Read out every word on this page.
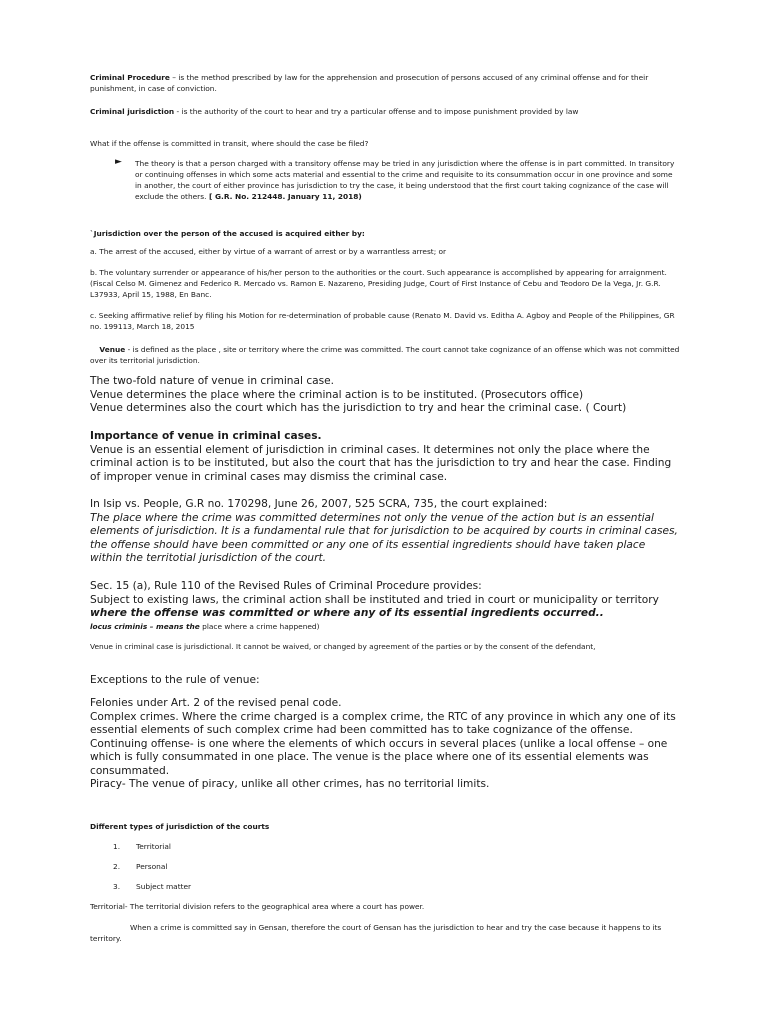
Criminal Procedure – is the method prescribed by law for the apprehension and prosecution of persons accused of any criminal offense and for their punishment, in case of conviction.

Criminal jurisdiction - is the authority of the court to hear and try a particular offense and to impose punishment provided by law

What if the offense is committed in transit, where should the case be filed?

► The theory is that a person charged with a transitory offense may be tried in any jurisdiction where the offense is in part committed. In transitory or continuing offenses in which some acts material and essential to the crime and requisite to its consummation occur in one province and some in another, the court of either province has jurisdiction to try the case, it being understood that the first court taking cognizance of the case will exclude the others. [ G.R. No. 212448. January 11, 2018)

`Jurisdiction over the person of the accused is acquired either by:

a. The arrest of the accused, either by virtue of a warrant of arrest or by a warrantless arrest; or

b. The voluntary surrender or appearance of his/her person to the authorities or the court. Such appearance is accomplished by appearing for arraignment. (Fiscal Celso M. Gimenez and Federico R. Mercado vs. Ramon E. Nazareno, Presiding Judge, Court of First Instance of Cebu and Teodoro De la Vega, Jr. G.R. L37933, April 15, 1988, En Banc.

c. Seeking affirmative relief by filing his Motion for re-determination of probable cause (Renato M. David vs. Editha A. Agboy and People of the Philippines, GR no. 199113, March 18, 2015

Venue - is defined as the place , site or territory where the crime was committed. The court cannot take cognizance of an offense which was not committed over its territorial jurisdiction.

The two-fold nature of venue in criminal case.
Venue determines the place where the criminal action is to be instituted. (Prosecutors office)
Venue determines also the court which has the jurisdiction to try and hear the criminal case. ( Court)
Importance of venue in criminal cases.
Venue is an essential element of jurisdiction in criminal cases. It determines not only the place where the criminal action is to be instituted, but also the court that has the jurisdiction to try and hear the case. Finding of improper venue in criminal cases may dismiss the criminal case.
In Isip vs. People, G.R no. 170298, June 26, 2007, 525 SCRA, 735, the court explained:
The place where the crime was committed determines not only the venue of the action but is an essential elements of jurisdiction. It is a fundamental rule that for jurisdiction to be acquired by courts in criminal cases, the offense should have been committed or any one of its essential ingredients should have taken place within the territotial jurisdiction of the court.
Sec. 15 (a), Rule 110 of the Revised Rules of Criminal Procedure provides:
Subject to existing laws, the criminal action shall be instituted and tried in court or municipality or territory where the offense was committed or where any of its essential ingredients occurred..

locus criminis – means the place where a crime happened)

Venue in criminal case is jurisdictional. It cannot be waived, or changed by agreement of the parties or by the consent of the defendant,

Exceptions to the rule of venue:

Felonies under Art. 2 of the revised penal code.
Complex crimes. Where the crime charged is a complex crime, the RTC of any province in which any one of its essential elements of such complex crime had been committed has to take cognizance of the offense.
Continuing offense- is one where the elements of which occurs in several places (unlike a local offense – one which is fully consummated in one place. The venue is the place where one of its essential elements was consummated.
Piracy- The venue of piracy, unlike all other crimes, has no territorial limits.

Different types of jurisdiction of the courts

1. Territorial

2. Personal

3. Subject matter

Territorial- The territorial division refers to the geographical area where a court has power.

When a crime is committed say in Gensan, therefore the court of Gensan has the jurisdiction to hear and try the case because it happens to its territory.
